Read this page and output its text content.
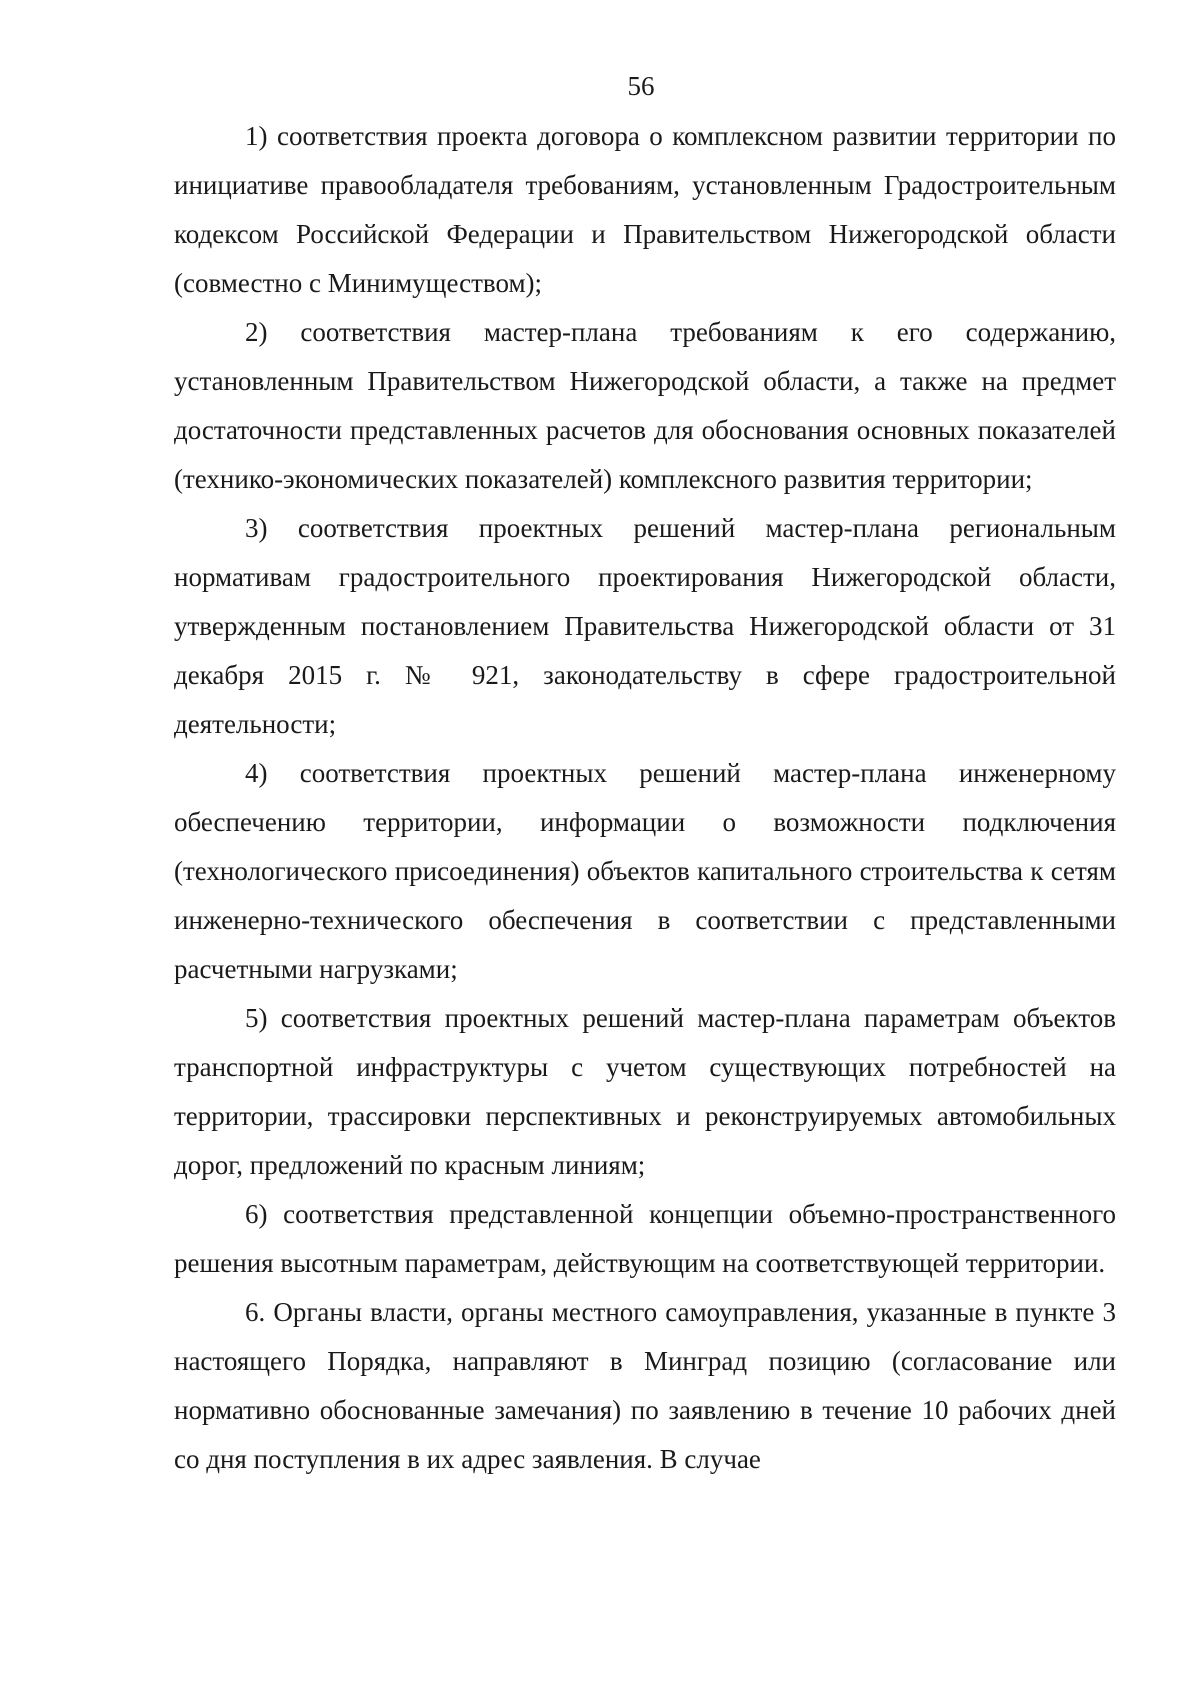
56

1) соответствия проекта договора о комплексном развитии территории по инициативе правообладателя требованиям, установленным Градостроительным кодексом Российской Федерации и Правительством Нижегородской области (совместно с Минимуществом);

2) соответствия мастер-плана требованиям к его содержанию, установленным Правительством Нижегородской области, а также на предмет достаточности представленных расчетов для обоснования основных показателей (технико-экономических показателей) комплексного развития территории;

3) соответствия проектных решений мастер-плана региональным нормативам градостроительного проектирования Нижегородской области, утвержденным постановлением Правительства Нижегородской области от 31 декабря 2015 г. № 921, законодательству в сфере градостроительной деятельности;

4) соответствия проектных решений мастер-плана инженерному обеспечению территории, информации о возможности подключения (технологического присоединения) объектов капитального строительства к сетям инженерно-технического обеспечения в соответствии с представленными расчетными нагрузками;

5) соответствия проектных решений мастер-плана параметрам объектов транспортной инфраструктуры с учетом существующих потребностей на территории, трассировки перспективных и реконструируемых автомобильных дорог, предложений по красным линиям;

6) соответствия представленной концепции объемно-пространственного решения высотным параметрам, действующим на соответствующей территории.

6. Органы власти, органы местного самоуправления, указанные в пункте 3 настоящего Порядка, направляют в Минград позицию (согласование или нормативно обоснованные замечания) по заявлению в течение 10 рабочих дней со дня поступления в их адрес заявления. В случае
